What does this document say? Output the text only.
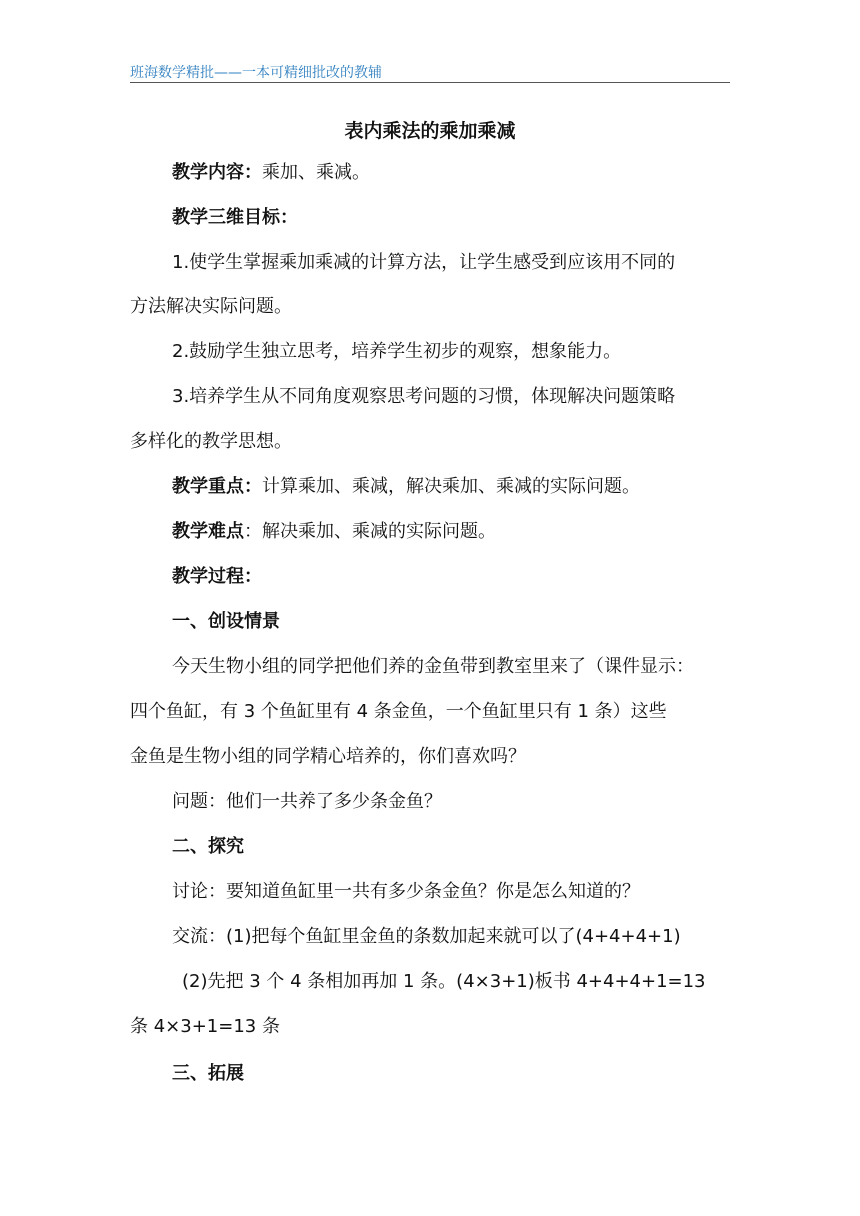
班海数学精批——一本可精细批改的教辅
表内乘法的乘加乘减
教学内容：乘加、乘减。
教学三维目标：
1.使学生掌握乘加乘减的计算方法，让学生感受到应该用不同的
方法解决实际问题。
2.鼓励学生独立思考，培养学生初步的观察，想象能力。
3.培养学生从不同角度观察思考问题的习惯，体现解决问题策略
多样化的教学思想。
教学重点：计算乘加、乘减，解决乘加、乘减的实际问题。
教学难点：解决乘加、乘减的实际问题。
教学过程：
一、创设情景
今天生物小组的同学把他们养的金鱼带到教室里来了（课件显示：
四个鱼缸，有 3 个鱼缸里有 4 条金鱼，一个鱼缸里只有 1 条）这些
金鱼是生物小组的同学精心培养的，你们喜欢吗？
问题：他们一共养了多少条金鱼？
二、探究
讨论：要知道鱼缸里一共有多少条金鱼？你是怎么知道的？
交流：(1)把每个鱼缸里金鱼的条数加起来就可以了(4+4+4+1)
(2)先把 3 个 4 条相加再加 1 条。(4×3+1)板书 4+4+4+1=13
条 4×3+1=13 条
三、拓展
